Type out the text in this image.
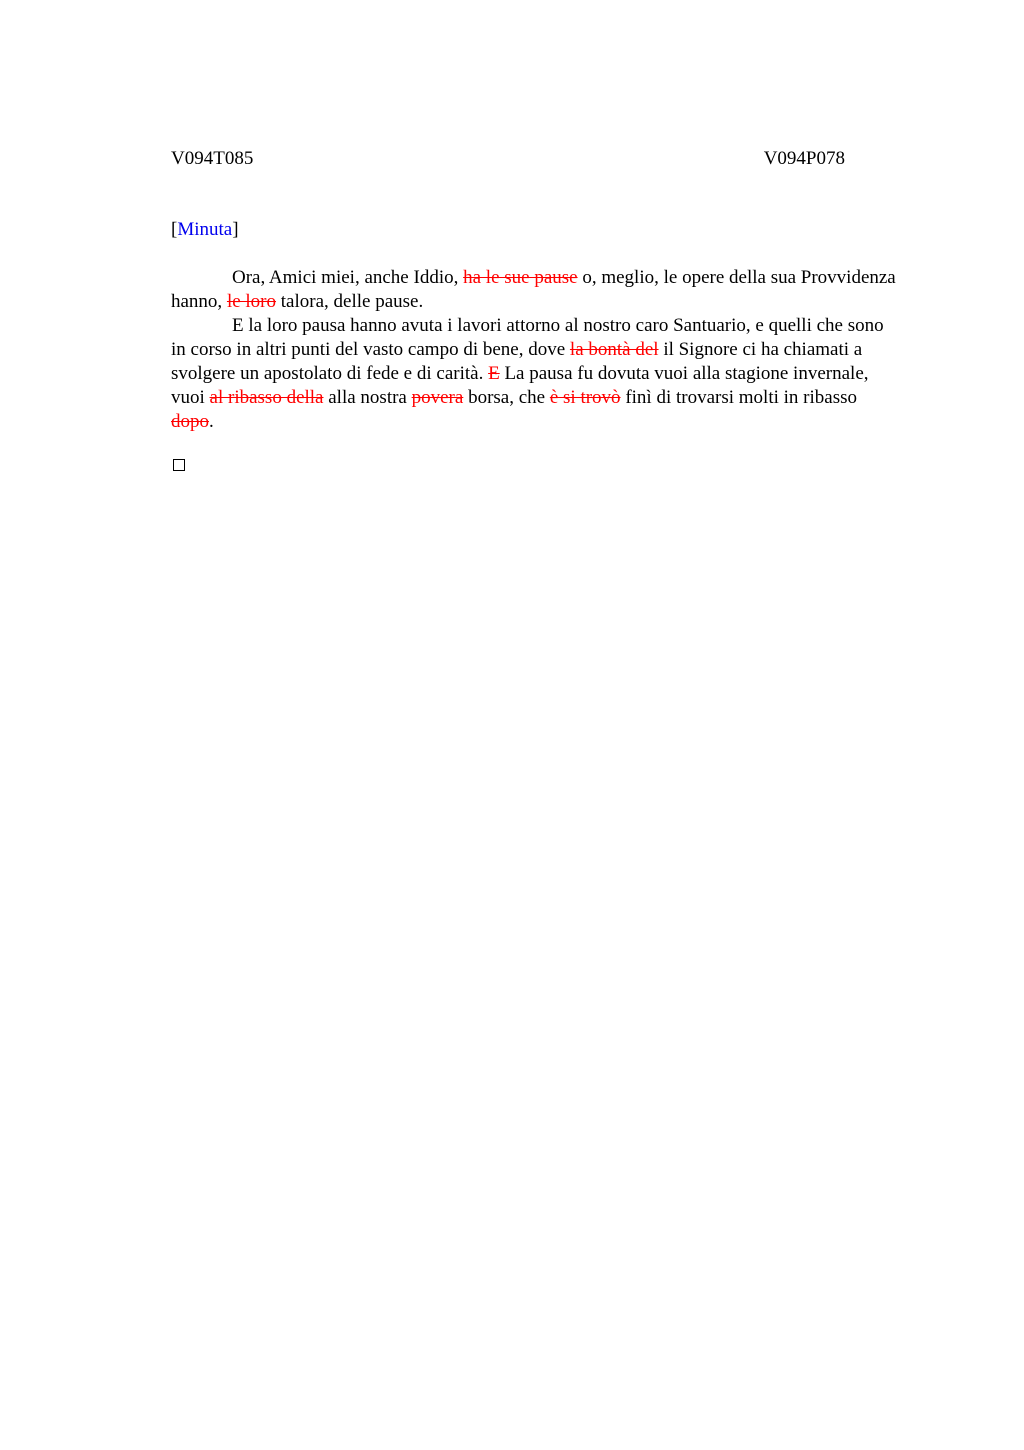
V094T085	V094P078
[Minuta]

Ora, Amici miei, anche Iddio, ha le sue pause o, meglio, le opere della sua Provvidenza hanno, le loro talora, delle pause.

E la loro pausa hanno avuta i lavori attorno al nostro caro Santuario, e quelli che sono in corso in altri punti del vasto campo di bene, dove la bontà del il Signore ci ha chiamati a svolgere un apostolato di fede e di carità. E La pausa fu dovuta vuoi alla stagione invernale, vuoi al ribasso della alla nostra povera borsa, che è si trovò finì di trovarsi molti in ribasso dopo.
